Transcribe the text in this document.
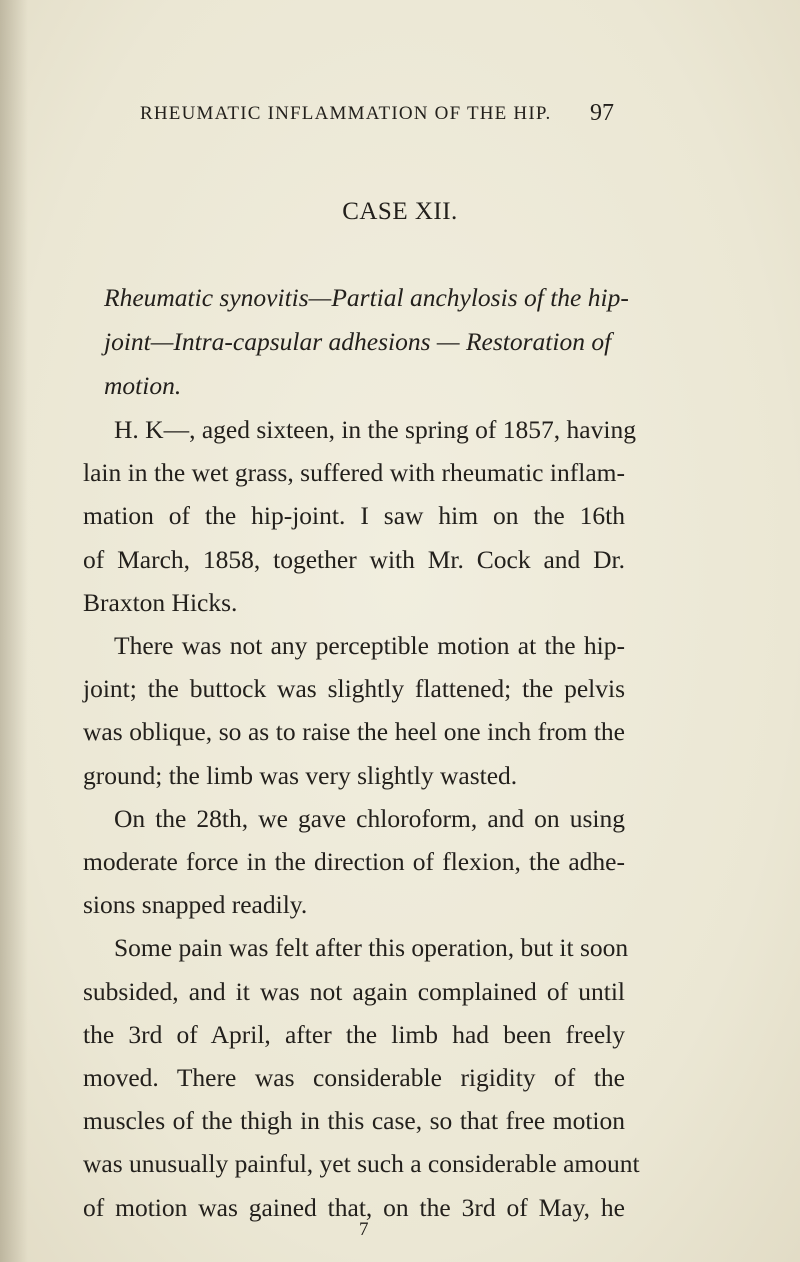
RHEUMATIC INFLAMMATION OF THE HIP.	97
CASE XII.
Rheumatic synovitis—Partial anchylosis of the hip-
joint—Intra-capsular adhesions — Restoration of
motion.
H. K—, aged sixteen, in the spring of 1857, having
lain in the wet grass, suffered with rheumatic inflam-
mation of the hip-joint. I saw him on the 16th
of March, 1858, together with Mr. Cock and Dr.
Braxton Hicks.
There was not any perceptible motion at the hip-
joint; the buttock was slightly flattened; the pelvis
was oblique, so as to raise the heel one inch from the
ground; the limb was very slightly wasted.
On the 28th, we gave chloroform, and on using
moderate force in the direction of flexion, the adhe-
sions snapped readily.
Some pain was felt after this operation, but it soon
subsided, and it was not again complained of until
the 3rd of April, after the limb had been freely
moved. There was considerable rigidity of the
muscles of the thigh in this case, so that free motion
was unusually painful, yet such a considerable amount
of motion was gained that, on the 3rd of May, he
7
